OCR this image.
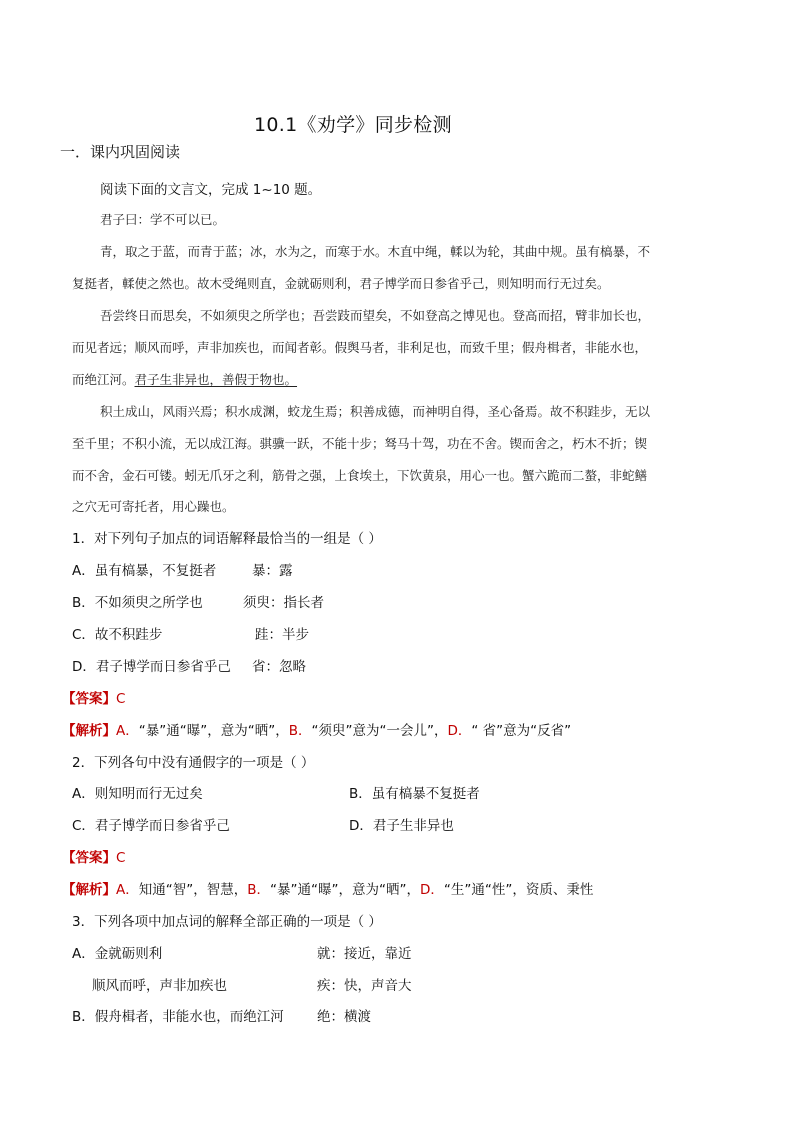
10.1《劝学》同步检测
一．课内巩固阅读
阅读下面的文言文，完成 1~10 题。
君子曰：学不可以已。
青，取之于蓝，而青于蓝；冰，水为之，而寒于水。木直中绳，輮以为轮，其曲中规。虽有槁暴，不
复挺者，輮使之然也。故木受绳则直，金就砺则利，君子博学而日参省乎己，则知明而行无过矣。
吾尝终日而思矣，不如须臾之所学也；吾尝跂而望矣，不如登高之博见也。登高而招，臂非加长也，
而见者远；顺风而呼，声非加疾也，而闻者彰。假舆马者，非利足也，而致千里；假舟楫者，非能水也，
而绝江河。君子生非异也，善假于物也。
积土成山，风雨兴焉；积水成渊，蛟龙生焉；积善成德，而神明自得，圣心备焉。故不积跬步，无以
至千里；不积小流，无以成江海。骐骥一跃，不能十步；驽马十驾，功在不舍。锲而舍之，朽木不折；锲
而不舍，金石可镂。蚓无爪牙之利，筋骨之强，上食埃土，下饮黄泉，用心一也。蟹六跪而二螯，非蛇鳝
之穴无可寄托者，用心躁也。
1．对下列句子加点的词语解释最恰当的一组是（ ）
A．虽有槁暴，不复挺者	暴：露
B．不如须臾之所学也	须臾：指长者
C．故不积跬步	跬：半步
D．君子博学而日参省乎己 省：忽略
【答案】C
【解析】A．“暴”通“曝”，意为“晒”，B．“须臾”意为“一会儿”，D．“ 省”意为“反省”
2．下列各句中没有通假字的一项是（ ）
A．则知明而行无过矣	B．虽有槁暴不复挺者
C．君子博学而日参省乎己	D．君子生非异也
【答案】C
【解析】A．知通“智”，智慧，B．“暴”通“曝”，意为“晒”，D．“生”通“性”，资质、秉性
3．下列各项中加点词的解释全部正确的一项是（ ）
A．金就砺则利	就：接近，靠近
顺风而呼，声非加疾也	疾：快，声音大
B．假舟楫者，非能水也，而绝江河 绝：横渡
